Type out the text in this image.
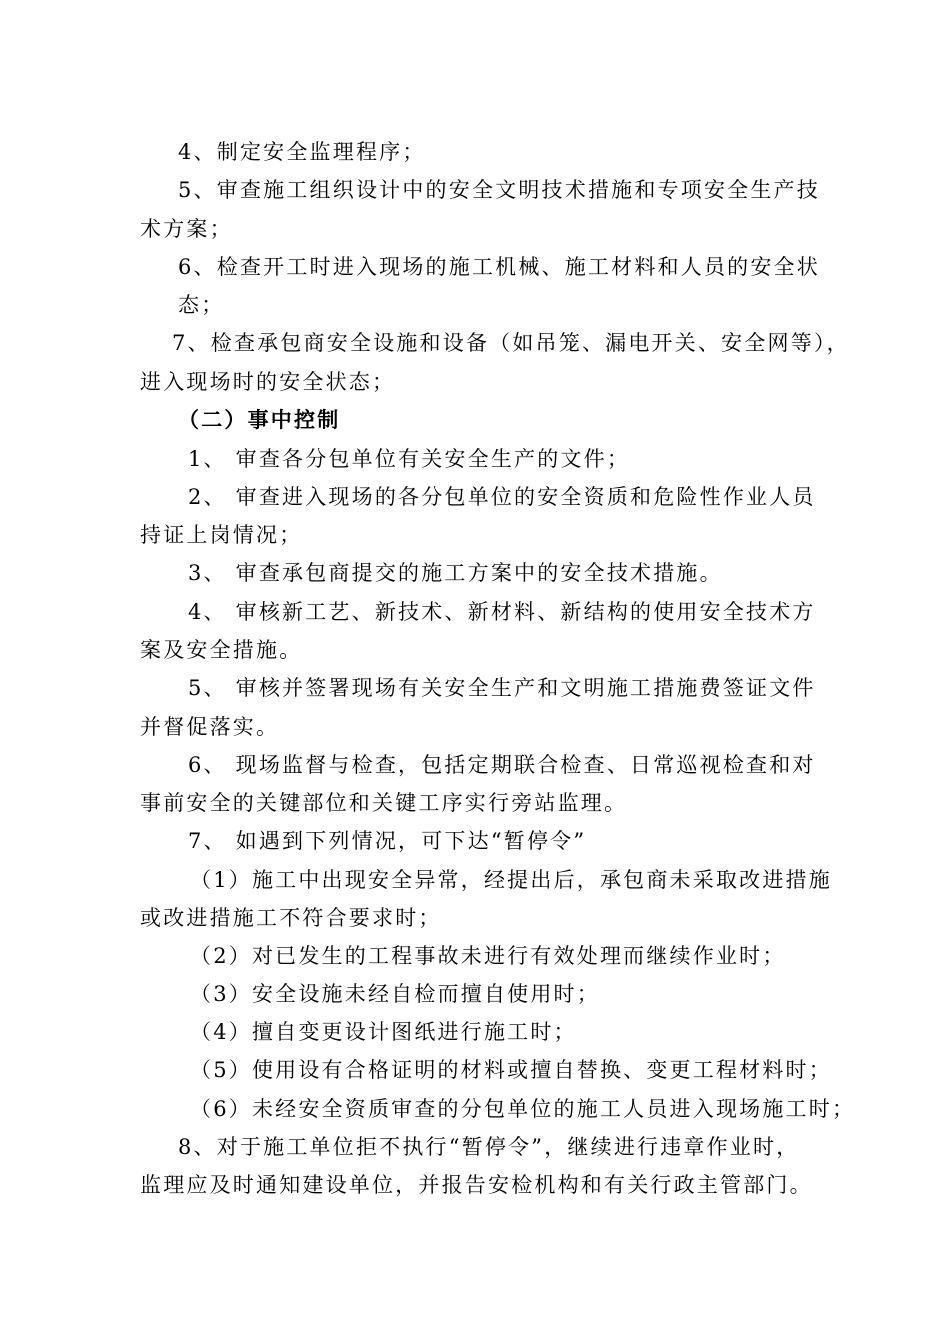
4、制定安全监理程序；
5、审查施工组织设计中的安全文明技术措施和专项安全生产技
术方案；
6、检查开工时进入现场的施工机械、施工材料和人员的安全状
态；
7、检查承包商安全设施和设备（如吊笼、漏电开关、安全网等），
进入现场时的安全状态；
（二）事中控制
1、 审查各分包单位有关安全生产的文件；
2、 审查进入现场的各分包单位的安全资质和危险性作业人员
持证上岗情况；
3、 审查承包商提交的施工方案中的安全技术措施。
4、 审核新工艺、新技术、新材料、新结构的使用安全技术方
案及安全措施。
5、 审核并签署现场有关安全生产和文明施工措施费签证文件
并督促落实。
6、 现场监督与检查，包括定期联合检查、日常巡视检查和对
事前安全的关键部位和关键工序实行旁站监理。
7、 如遇到下列情况，可下达“暂停令”
（1）施工中出现安全异常，经提出后，承包商未采取改进措施
或改进措施工不符合要求时；
（2）对已发生的工程事故未进行有效处理而继续作业时；
（3）安全设施未经自检而擅自使用时；
（4）擅自变更设计图纸进行施工时；
（5）使用设有合格证明的材料或擅自替换、变更工程材料时；
（6）未经安全资质审查的分包单位的施工人员进入现场施工时；
8、对于施工单位拒不执行“暂停令”，继续进行违章作业时，
监理应及时通知建设单位，并报告安检机构和有关行政主管部门。
